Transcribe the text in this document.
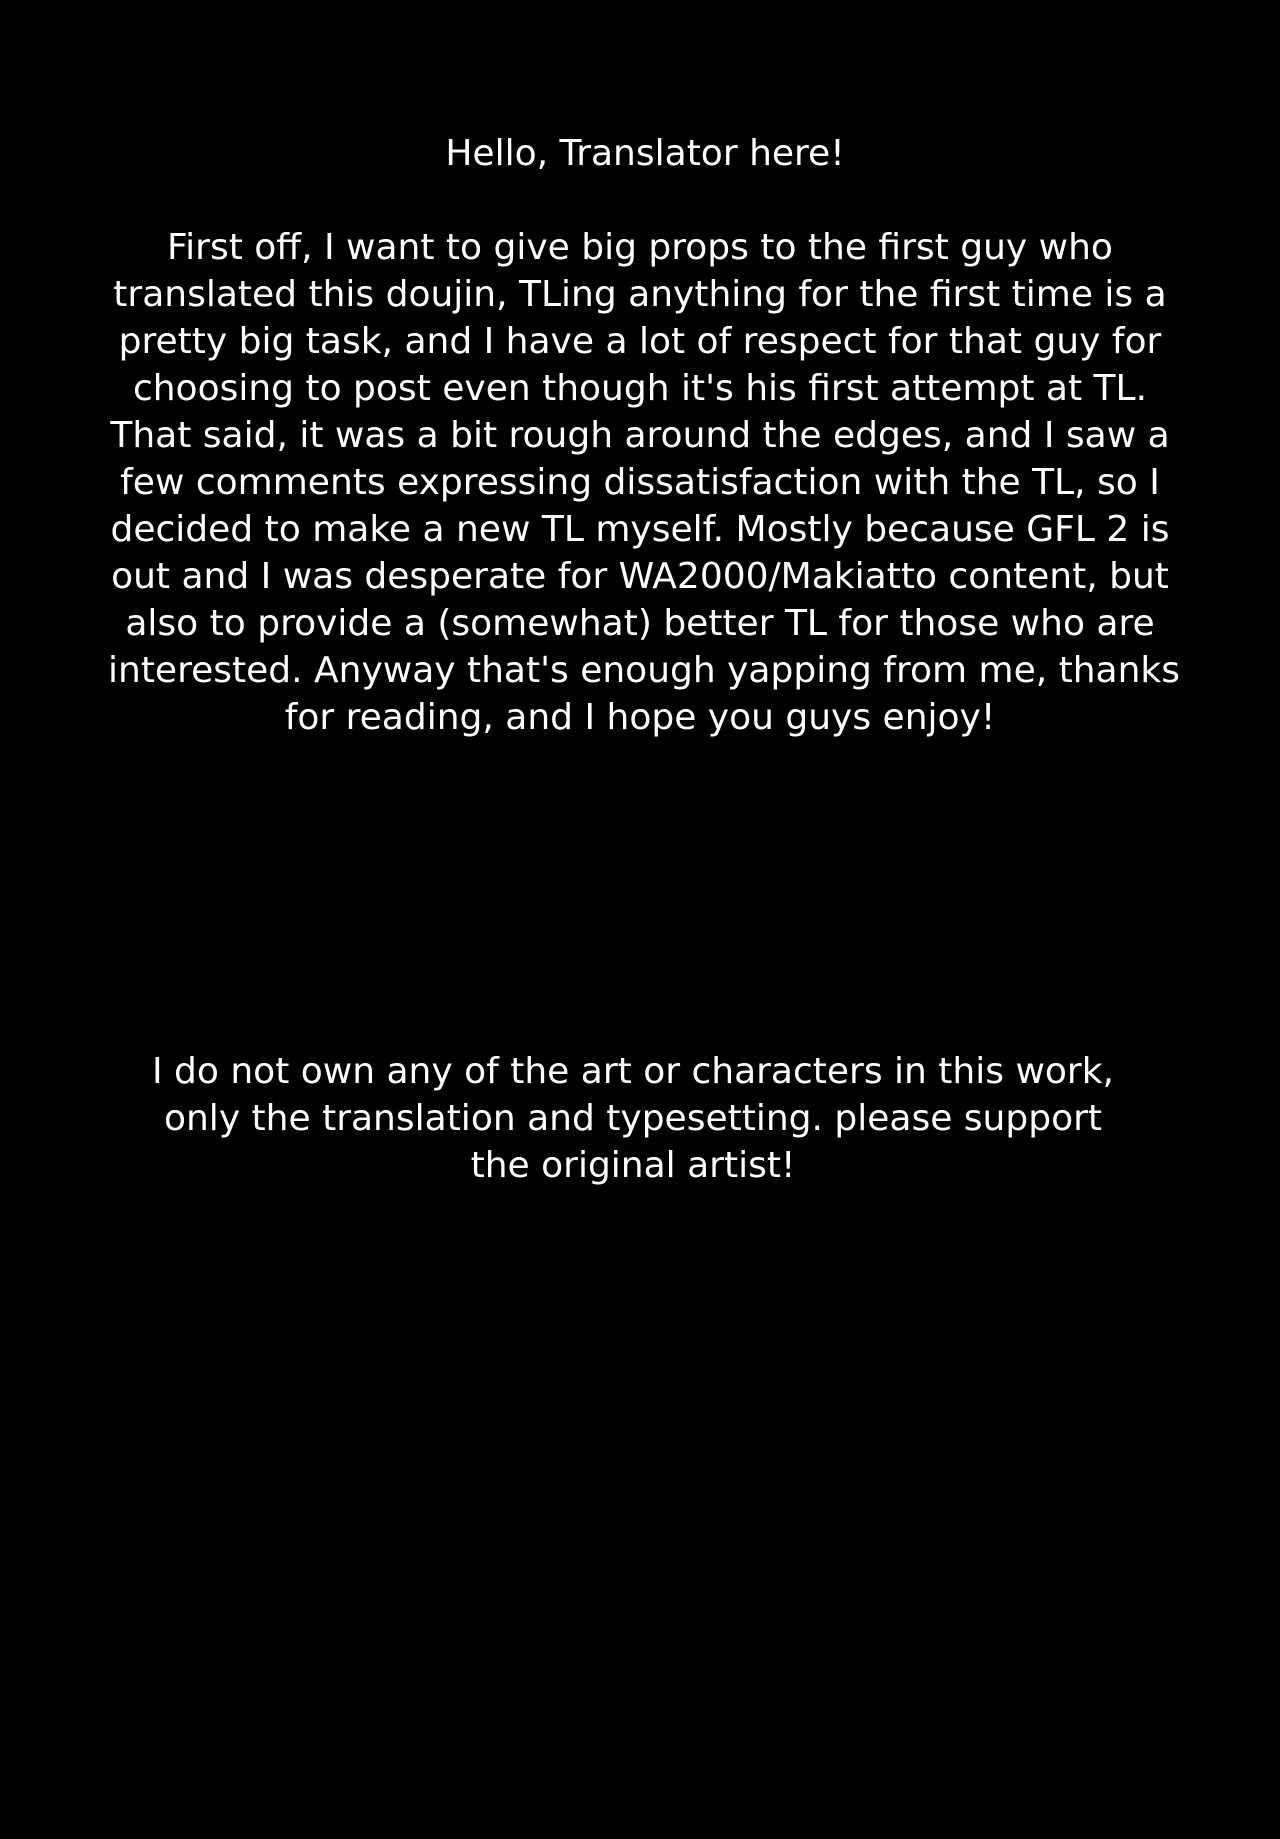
Hello, Translator here!

First off, I want to give big props to the first guy who
translated this doujin, TLing anything for the first time is a
pretty big task, and I have a lot of respect for that guy for
choosing to post even though it's his first attempt at TL.
That said, it was a bit rough around the edges, and I saw a
few comments expressing dissatisfaction with the TL, so I
decided to make a new TL myself. Mostly because GFL 2 is
out and I was desperate for WA2000/Makiatto content, but
also to provide a (somewhat) better TL for those who are
interested. Anyway that's enough yapping from me, thanks
for reading, and I hope you guys enjoy!

I do not own any of the art or characters in this work,
only the translation and typesetting. please support
the original artist!
